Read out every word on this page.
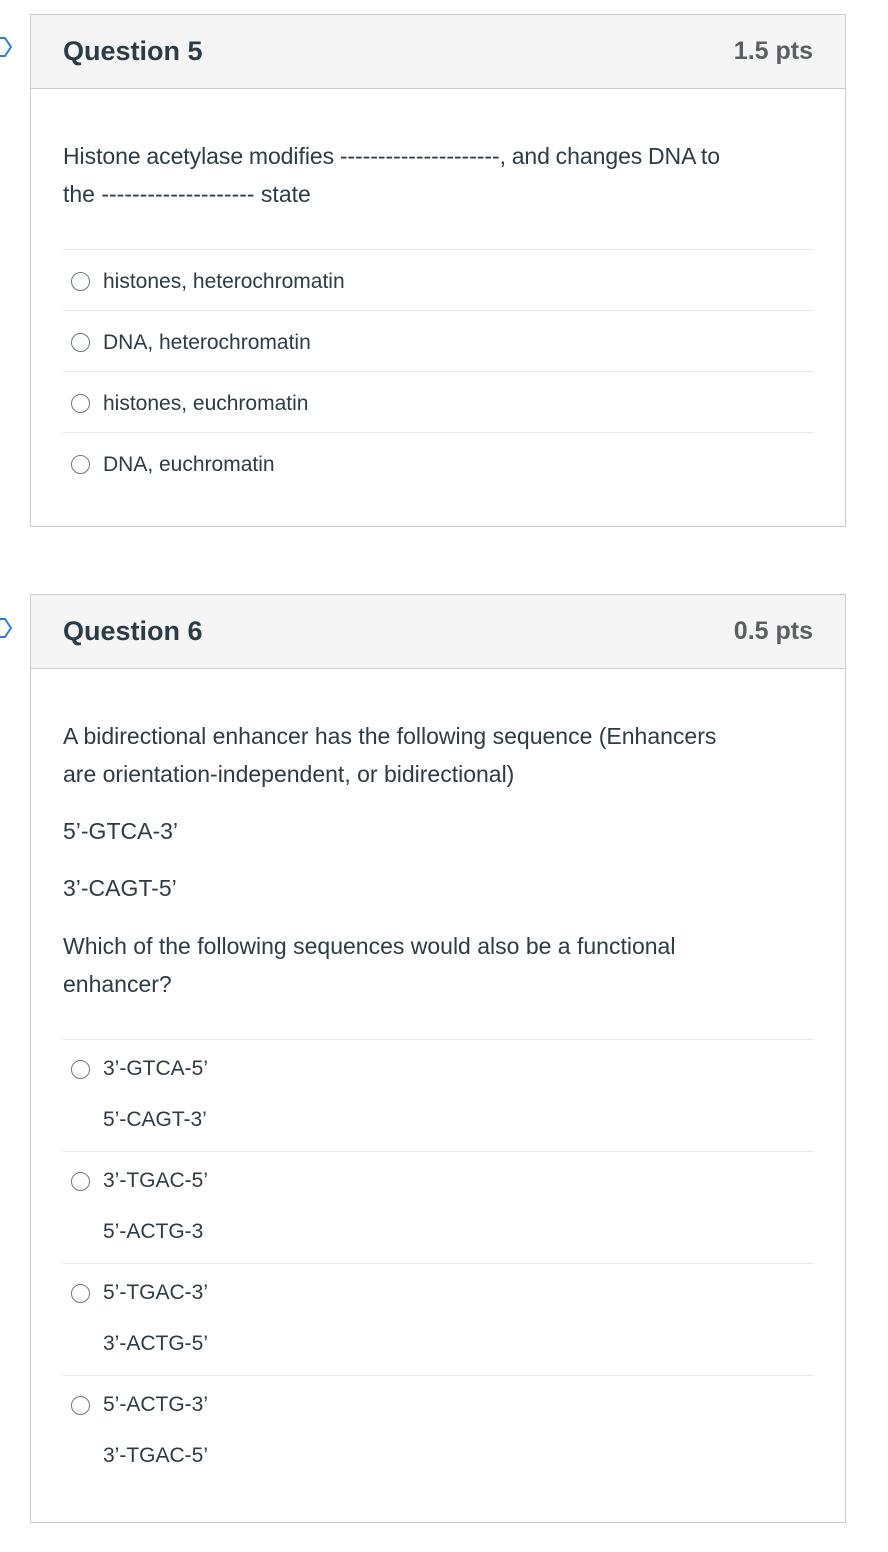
Question 5	1.5 pts

Histone acetylase modifies ---------------------, and changes DNA to
the -------------------- state

histones, heterochromatin
DNA, heterochromatin
histones, euchromatin
DNA, euchromatin
Question 6	0.5 pts

A bidirectional enhancer has the following sequence (Enhancers
are orientation-independent, or bidirectional)

5’-GTCA-3’

3’-CAGT-5’

Which of the following sequences would also be a functional
enhancer?

3’-GTCA-5’
5’-CAGT-3’
3’-TGAC-5’
5’-ACTG-3
5’-TGAC-3’
3’-ACTG-5’
5’-ACTG-3’
3’-TGAC-5’
